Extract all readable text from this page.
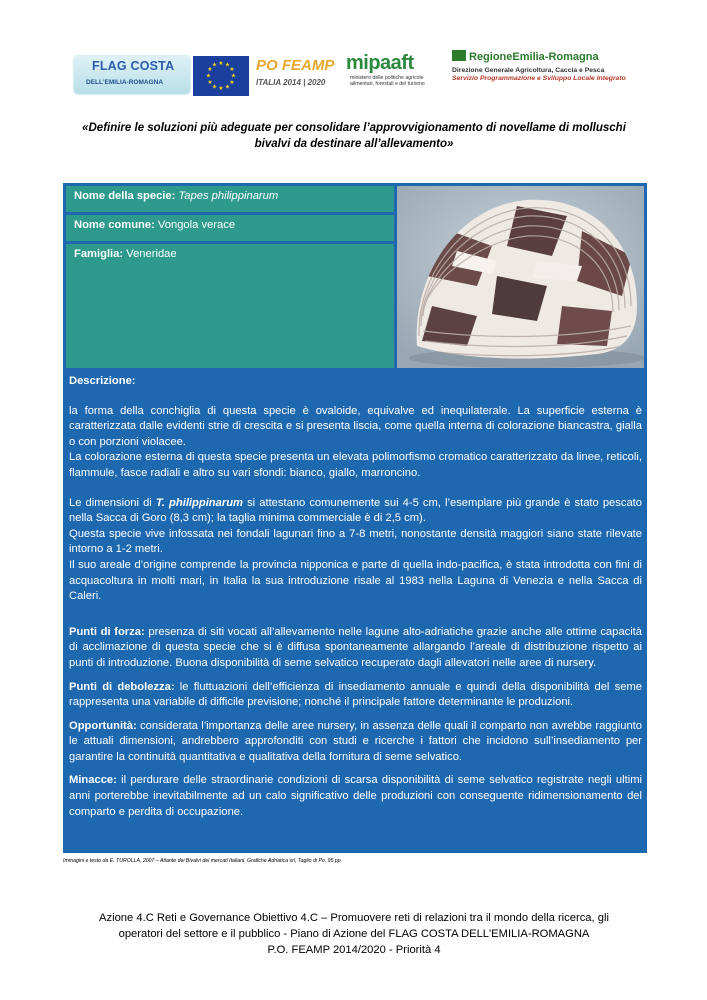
FLAG COSTA
DELL'EMILIA-ROMAGNA
★ ★
★
★
★
★
★
★
★
★
★
★	PO FEAMP
ITALIA 2014 | 2020
mipaaft
ministero delle politiche agricole
alimentari, forestali e del turismo
RegioneEmilia-Romagna
Direzione Generale Agricoltura, Caccia e Pesca
Servizio Programmazione e Sviluppo Locale Integrato
«Definire le soluzioni più adeguate per consolidare l’approvvigionamento di novellame di molluschi bivalvi da destinare all’allevamento»
Nome della specie: Tapes philippinarum
Nome comune: Vongola verace
Famiglia: Veneridae

Descrizione:

la forma della conchiglia di questa specie è ovaloide, equivalve ed inequilaterale. La superficie esterna è caratterizzata dalle evidenti strie di crescita e si presenta liscia, come quella interna di colorazione biancastra, gialla o con porzioni violacee.

La colorazione esterna di questa specie presenta un elevata polimorfismo cromatico caratterizzato da linee, reticoli, flammule, fasce radiali e altro su vari sfondi: bianco, giallo, marroncino.

Le dimensioni di T. philippinarum si attestano comunemente sui 4-5 cm, l’esemplare più grande è stato pescato nella Sacca di Goro (8,3 cm); la taglia minima commerciale è di 2,5 cm).

Questa specie vive infossata nei fondali lagunari fino a 7-8 metri, nonostante densità maggiori siano state rilevate intorno a 1-2 metri.

Il suo areale d’origine comprende la provincia nipponica e parte di quella indo-pacifica, è stata introdotta con fini di acquacoltura in molti mari, in Italia la sua introduzione risale al 1983 nella Laguna di Venezia e nella Sacca di Caleri.

Punti di forza: presenza di siti vocati all’allevamento nelle lagune alto-adriatiche grazie anche alle ottime capacità di acclimazione di questa specie che si è diffusa spontaneamente allargando l’areale di distribuzione rispetto ai punti di introduzione. Buona disponibilità di seme selvatico recuperato dagli allevatori nelle aree di nursery.

Punti di debolezza: le fluttuazioni dell’efficienza di insediamento annuale e quindi della disponibilità del seme rappresenta una variabile di difficile previsione; nonché il principale fattore determinante le produzioni.

Opportunità: considerata l’importanza delle aree nursery, in assenza delle quali il comparto non avrebbe raggiunto le attuali dimensioni, andrebbero approfonditi con studi e ricerche i fattori che incidono sull’insediamento per garantire la continuità quantitativa e qualitativa della fornitura di seme selvatico.

Minacce: il perdurare delle straordinarie condizioni di scarsa disponibilità di seme selvatico registrate negli ultimi anni porterebbe inevitabilmente ad un calo significativo delle produzioni con conseguente ridimensionamento del comparto e perdita di occupazione.

Immagini e testo da E. TUROLLA, 2007 – Atlante dei Bivalvi dei mercati Italiani. Grafiche Adriatica srl, Taglio di Po, 95 pp.
Azione 4.C Reti e Governance Obiettivo 4.C – Promuovere reti di relazioni tra il mondo della ricerca, gli
operatori del settore e il pubblico - Piano di Azione del FLAG COSTA DELL'EMILIA-ROMAGNA
P.O. FEAMP 2014/2020 - Priorità 4
